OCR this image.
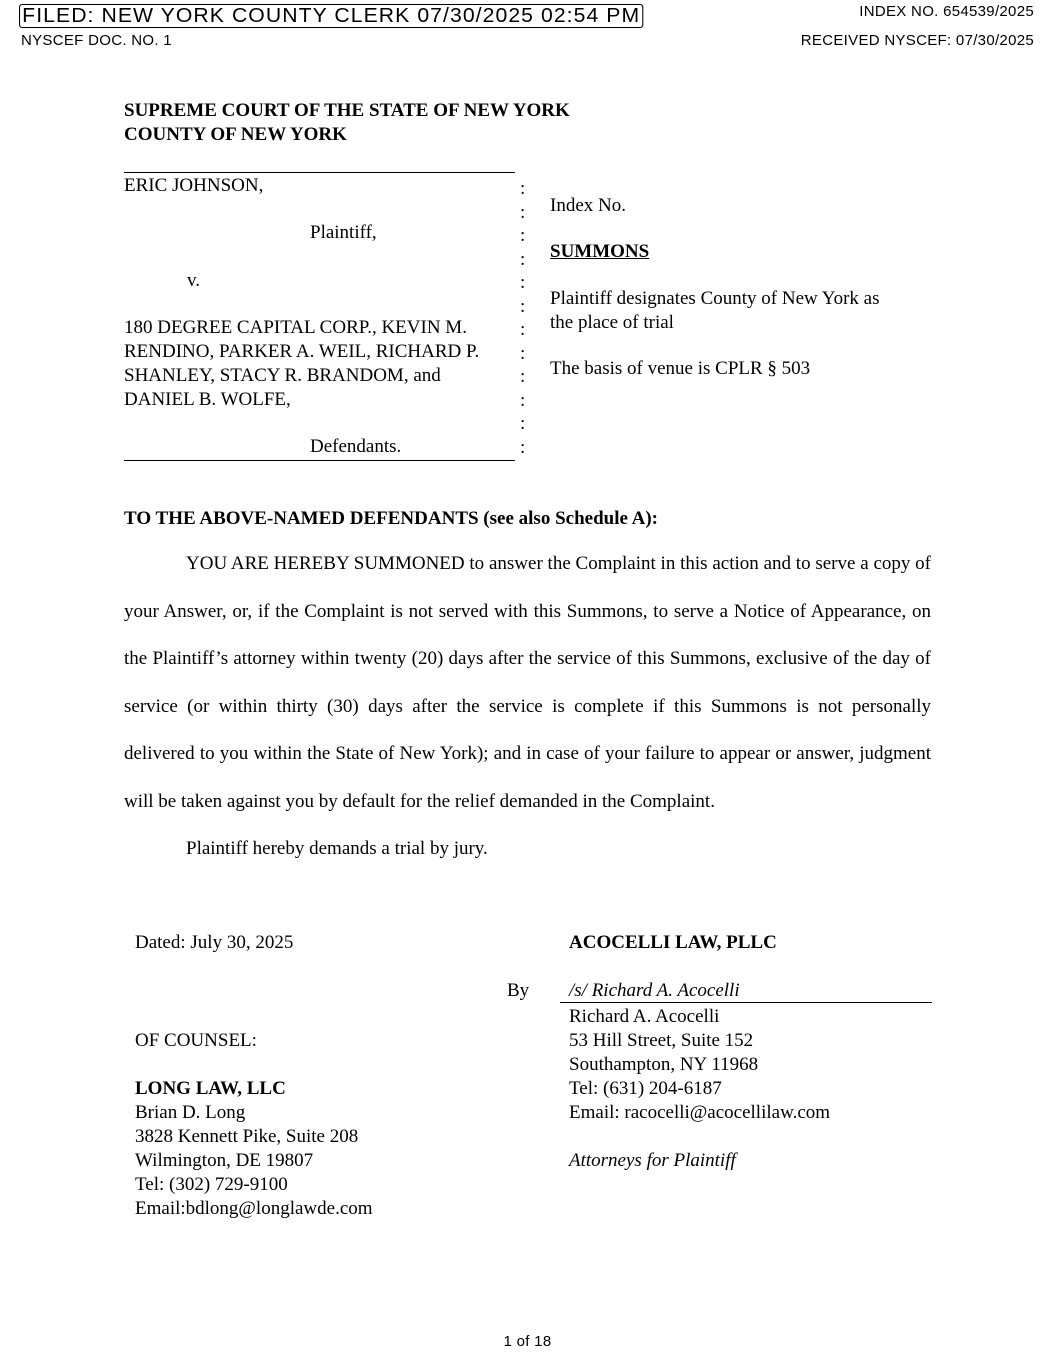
FILED: NEW YORK COUNTY CLERK 07/30/2025 02:54 PM	INDEX NO. 654539/2025
NYSCEF DOC. NO. 1	RECEIVED NYSCEF: 07/30/2025
SUPREME COURT OF THE STATE OF NEW YORK
COUNTY OF NEW YORK
ERIC JOHNSON,
Plaintiff,
v.
180 DEGREE CAPITAL CORP., KEVIN M.
RENDINO, PARKER A. WEIL, RICHARD P.
SHANLEY, STACY R. BRANDOM, and
DANIEL B. WOLFE,
Defendants.
:
:
:
:
:
:
:
:
:
:
:
:
Index No.
SUMMONS
Plaintiff designates County of New York as
the place of trial
The basis of venue is CPLR § 503
TO THE ABOVE-NAMED DEFENDANTS (see also Schedule A):

YOU ARE HEREBY SUMMONED to answer the Complaint in this action and to serve a copy of your Answer, or, if the Complaint is not served with this Summons, to serve a Notice of Appearance, on the Plaintiff’s attorney within twenty (20) days after the service of this Summons, exclusive of the day of service (or within thirty (30) days after the service is complete if this Summons is not personally delivered to you within the State of New York); and in case of your failure to appear or answer, judgment will be taken against you by default for the relief demanded in the Complaint.

Plaintiff hereby demands a trial by jury.

Dated: July 30, 2025	ACOCELLI LAW, PLLC
By /s/ Richard A. Acocelli
Richard A. Acocelli
53 Hill Street, Suite 152
Southampton, NY 11968
Tel: (631) 204-6187
Email: racocelli@acocellilaw.com
Attorneys for Plaintiff
OF COUNSEL:
LONG LAW, LLC
Brian D. Long
3828 Kennett Pike, Suite 208
Wilmington, DE 19807
Tel: (302) 729-9100
Email:bdlong@longlawde.com
1 of 18
